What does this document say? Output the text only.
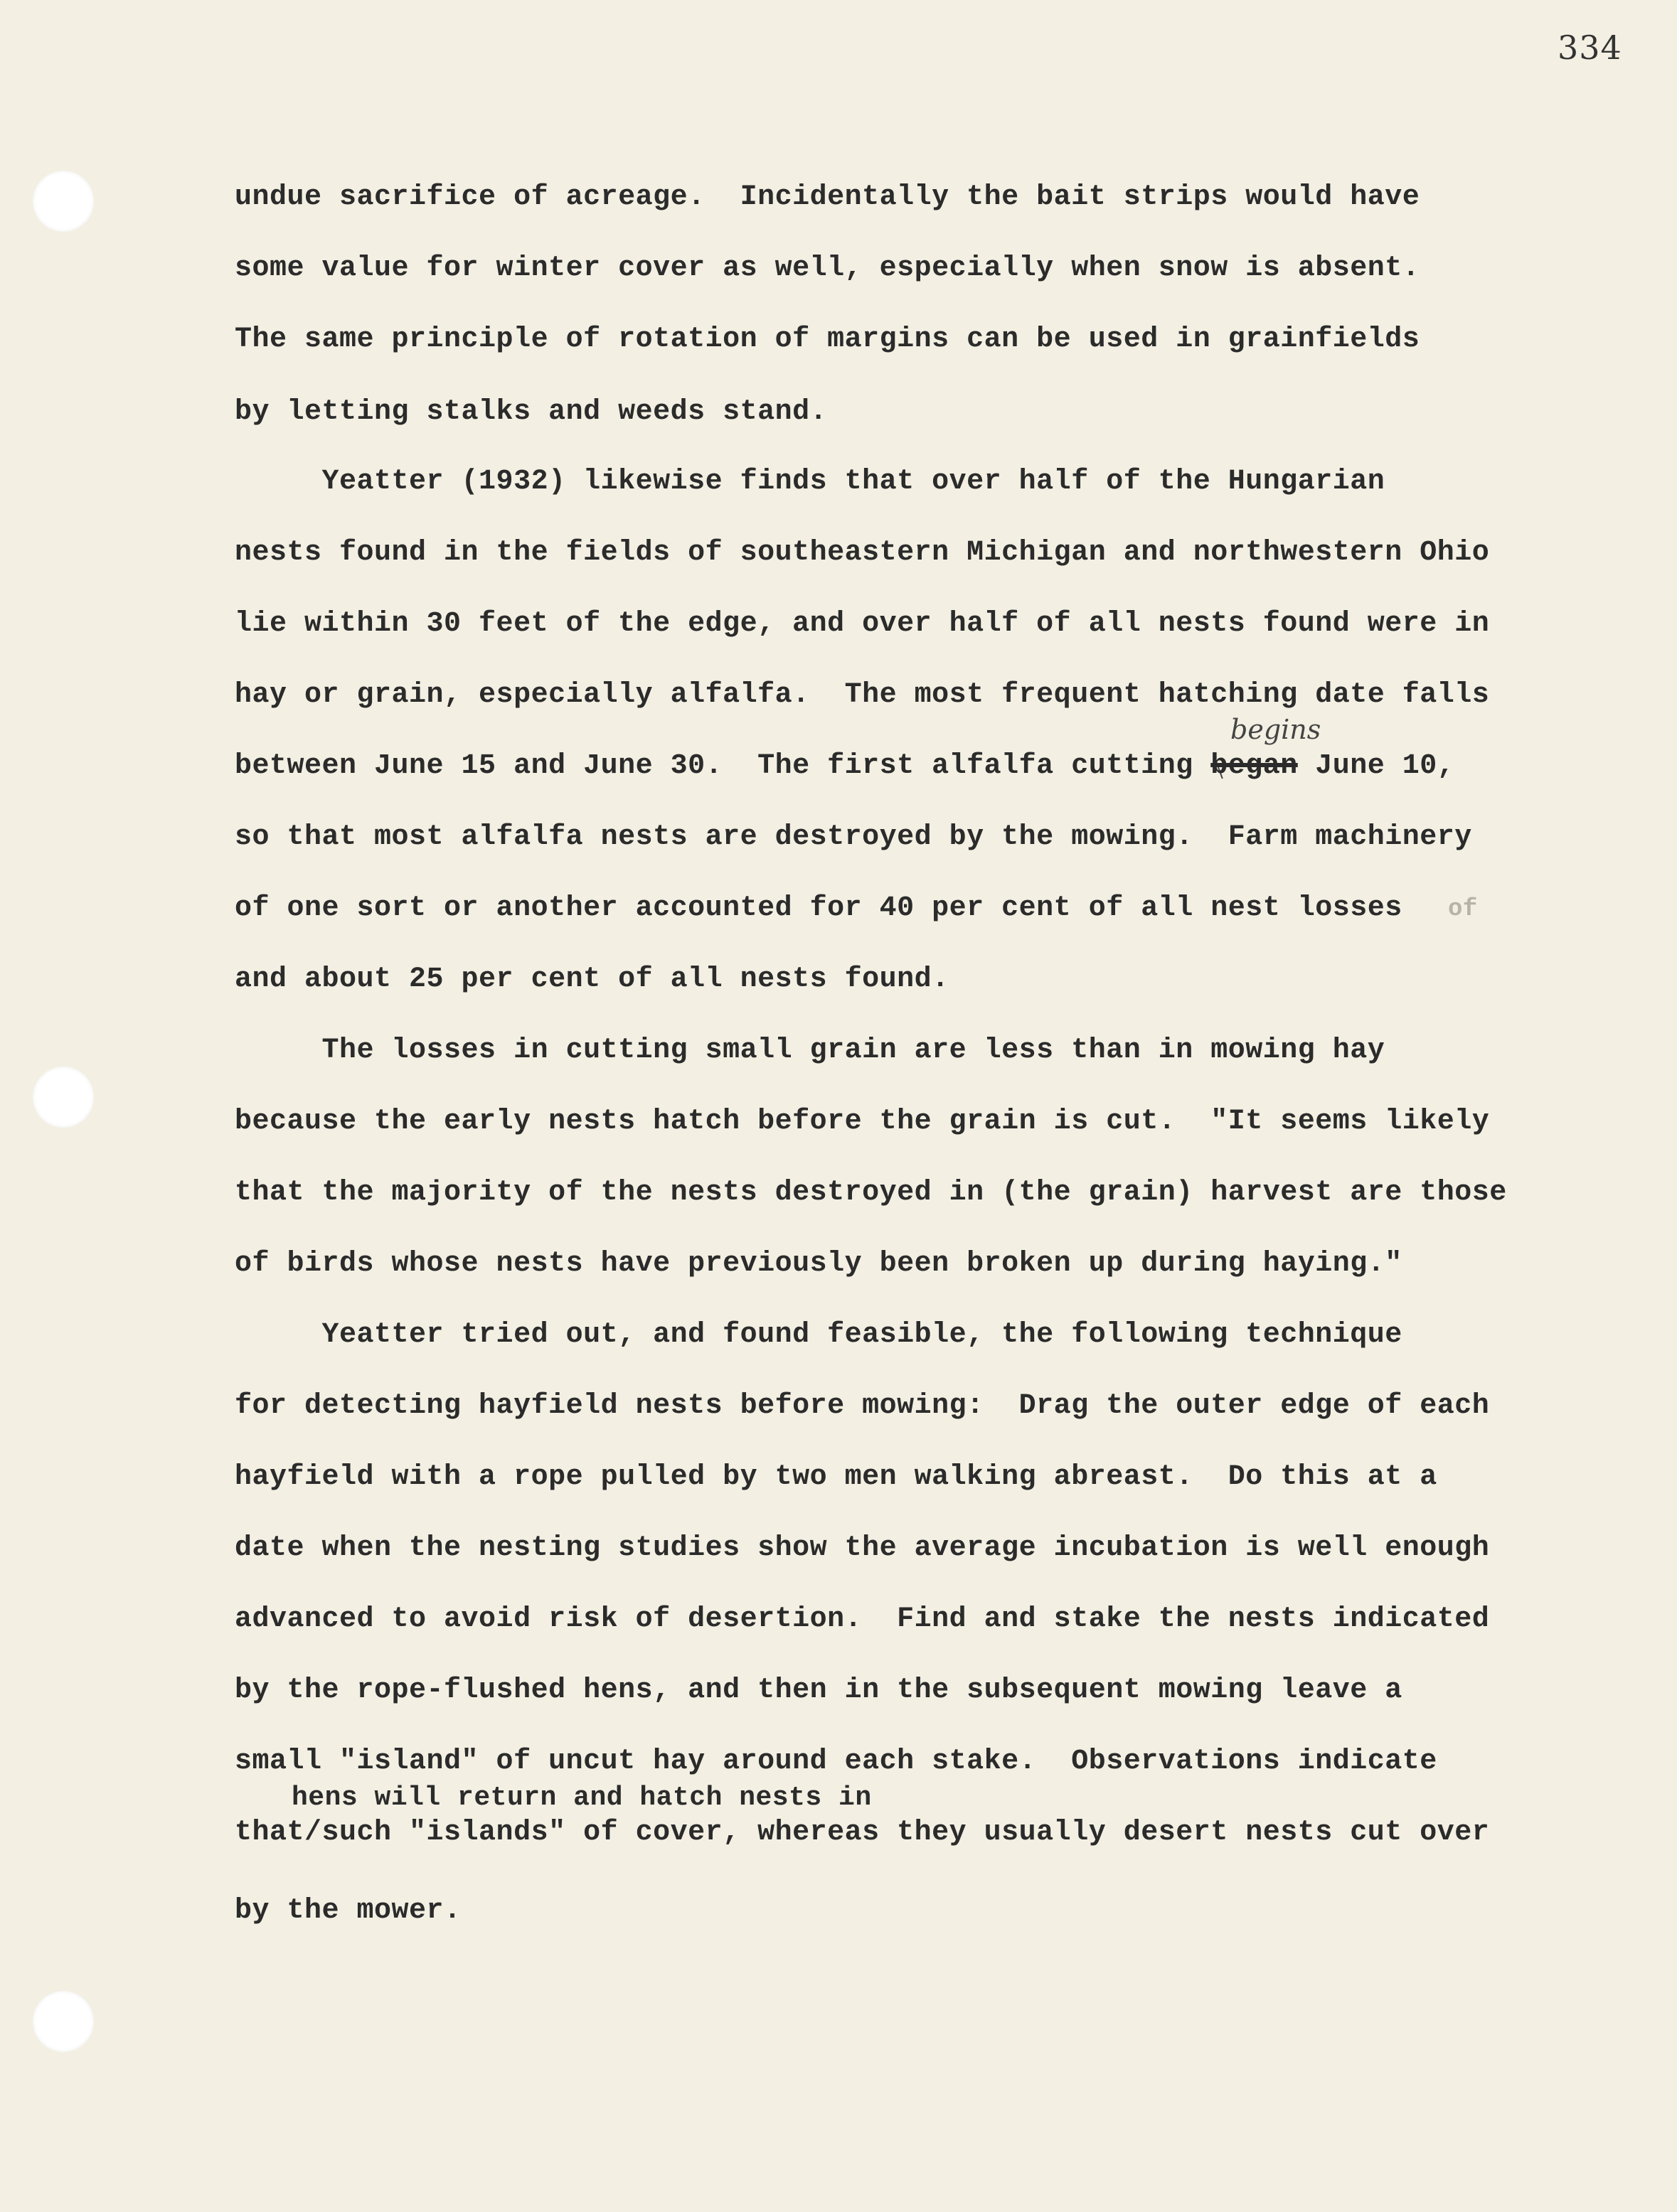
334
undue sacrifice of acreage.  Incidentally the bait strips would have
some value for winter cover as well, especially when snow is absent.
The same principle of rotation of margins can be used in grainfields
by letting stalks and weeds stand.
Yeatter (1932) likewise finds that over half of the Hungarian
nests found in the fields of southeastern Michigan and northwestern Ohio
lie within 30 feet of the edge, and over half of all nests found were in
hay or grain, especially alfalfa.  The most frequent hatching date falls
begins
between June 15 and June 30.  The first alfalfa cutting began June 10,
so that most alfalfa nests are destroyed by the mowing.  Farm machinery
of one sort or another accounted for 40 per cent of all nest losses of
and about 25 per cent of all nests found.
The losses in cutting small grain are less than in mowing hay
because the early nests hatch before the grain is cut.  "It seems likely
that the majority of the nests destroyed in (the grain) harvest are those
of birds whose nests have previously been broken up during haying."
Yeatter tried out, and found feasible, the following technique
for detecting hayfield nests before mowing:  Drag the outer edge of each
hayfield with a rope pulled by two men walking abreast.  Do this at a
date when the nesting studies show the average incubation is well enough
advanced to avoid risk of desertion.  Find and stake the nests indicated
by the rope-flushed hens, and then in the subsequent mowing leave a
small "island" of uncut hay around each stake.  Observations indicate
hens will return and hatch nests in
that/such "islands" of cover, whereas they usually desert nests cut over
by the mower.
